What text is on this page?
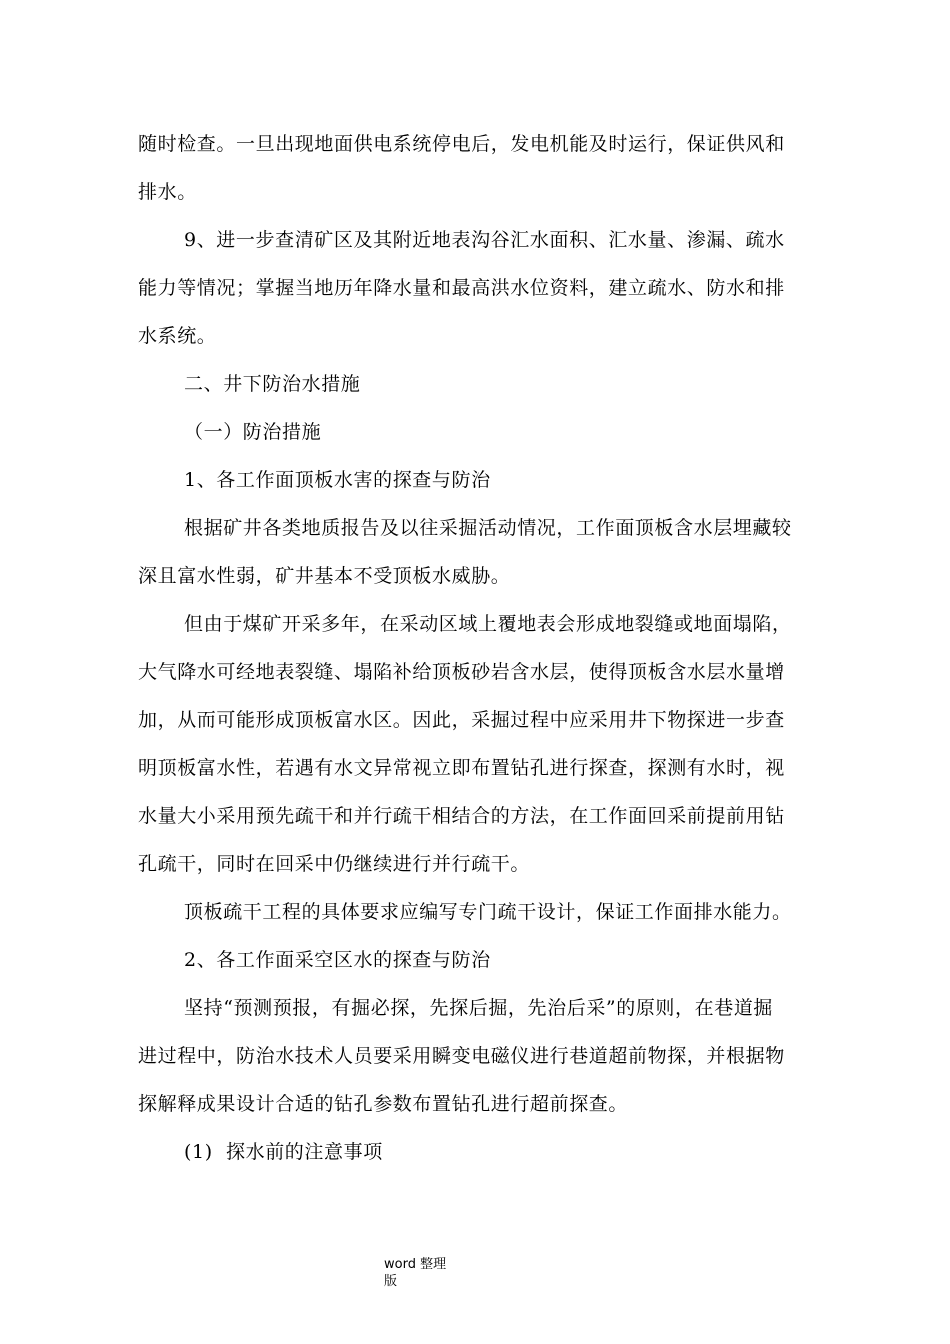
随时检查。一旦出现地面供电系统停电后，发电机能及时运行，保证供风和
排水。
9、进一步查清矿区及其附近地表沟谷汇水面积、汇水量、渗漏、疏水
能力等情况；掌握当地历年降水量和最高洪水位资料，建立疏水、防水和排
水系统。
二、井下防治水措施
（一）防治措施
1、各工作面顶板水害的探查与防治
根据矿井各类地质报告及以往采掘活动情况，工作面顶板含水层埋藏较
深且富水性弱，矿井基本不受顶板水威胁。
但由于煤矿开采多年，在采动区域上覆地表会形成地裂缝或地面塌陷，
大气降水可经地表裂缝、塌陷补给顶板砂岩含水层，使得顶板含水层水量增
加，从而可能形成顶板富水区。因此，采掘过程中应采用井下物探进一步查
明顶板富水性，若遇有水文异常视立即布置钻孔进行探查，探测有水时，视
水量大小采用预先疏干和并行疏干相结合的方法，在工作面回采前提前用钻
孔疏干，同时在回采中仍继续进行并行疏干。
顶板疏干工程的具体要求应编写专门疏干设计，保证工作面排水能力。
2、各工作面采空区水的探查与防治
坚持“预测预报，有掘必探，先探后掘，先治后采”的原则，在巷道掘
进过程中，防治水技术人员要采用瞬变电磁仪进行巷道超前物探，并根据物
探解释成果设计合适的钻孔参数布置钻孔进行超前探查。
(1)  探水前的注意事项
word 整理
版
